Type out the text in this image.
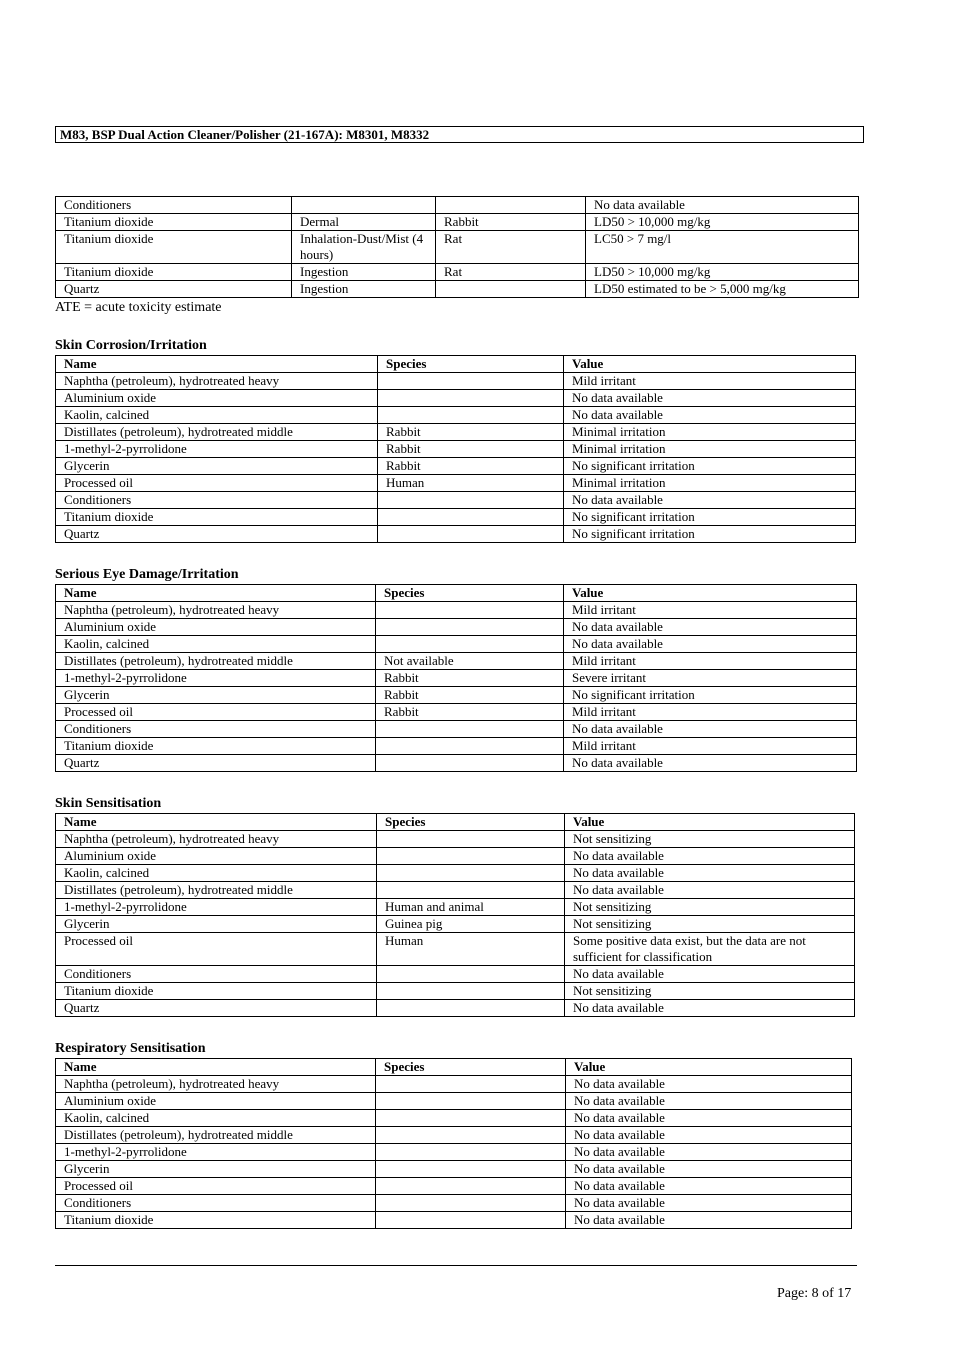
M83, BSP Dual Action Cleaner/Polisher (21-167A): M8301, M8332
Conditioners			No data available
Titanium dioxide	Dermal	Rabbit	LD50 > 10,000 mg/kg
Titanium dioxide	Inhalation-Dust/Mist (4 hours)	Rat	LC50 > 7 mg/l
Titanium dioxide	Ingestion	Rat	LD50 > 10,000 mg/kg
Quartz	Ingestion		LD50 estimated to be > 5,000 mg/kg
ATE = acute toxicity estimate
Skin Corrosion/Irritation
Name	Species	Value
Naphtha (petroleum), hydrotreated heavy		Mild irritant
Aluminium oxide		No data available
Kaolin, calcined		No data available
Distillates (petroleum), hydrotreated middle	Rabbit	Minimal irritation
1-methyl-2-pyrrolidone	Rabbit	Minimal irritation
Glycerin	Rabbit	No significant irritation
Processed oil	Human	Minimal irritation
Conditioners		No data available
Titanium dioxide		No significant irritation
Quartz		No significant irritation
Serious Eye Damage/Irritation
Name	Species	Value
Naphtha (petroleum), hydrotreated heavy		Mild irritant
Aluminium oxide		No data available
Kaolin, calcined		No data available
Distillates (petroleum), hydrotreated middle	Not available	Mild irritant
1-methyl-2-pyrrolidone	Rabbit	Severe irritant
Glycerin	Rabbit	No significant irritation
Processed oil	Rabbit	Mild irritant
Conditioners		No data available
Titanium dioxide		Mild irritant
Quartz		No data available
Skin Sensitisation
Name	Species	Value
Naphtha (petroleum), hydrotreated heavy		Not sensitizing
Aluminium oxide		No data available
Kaolin, calcined		No data available
Distillates (petroleum), hydrotreated middle		No data available
1-methyl-2-pyrrolidone	Human and animal	Not sensitizing
Glycerin	Guinea pig	Not sensitizing
Processed oil	Human	Some positive data exist, but the data are not sufficient for classification
Conditioners		No data available
Titanium dioxide		Not sensitizing
Quartz		No data available
Respiratory Sensitisation
Name	Species	Value
Naphtha (petroleum), hydrotreated heavy		No data available
Aluminium oxide		No data available
Kaolin, calcined		No data available
Distillates (petroleum), hydrotreated middle		No data available
1-methyl-2-pyrrolidone		No data available
Glycerin		No data available
Processed oil		No data available
Conditioners		No data available
Titanium dioxide		No data available
Page: 8 of 17
